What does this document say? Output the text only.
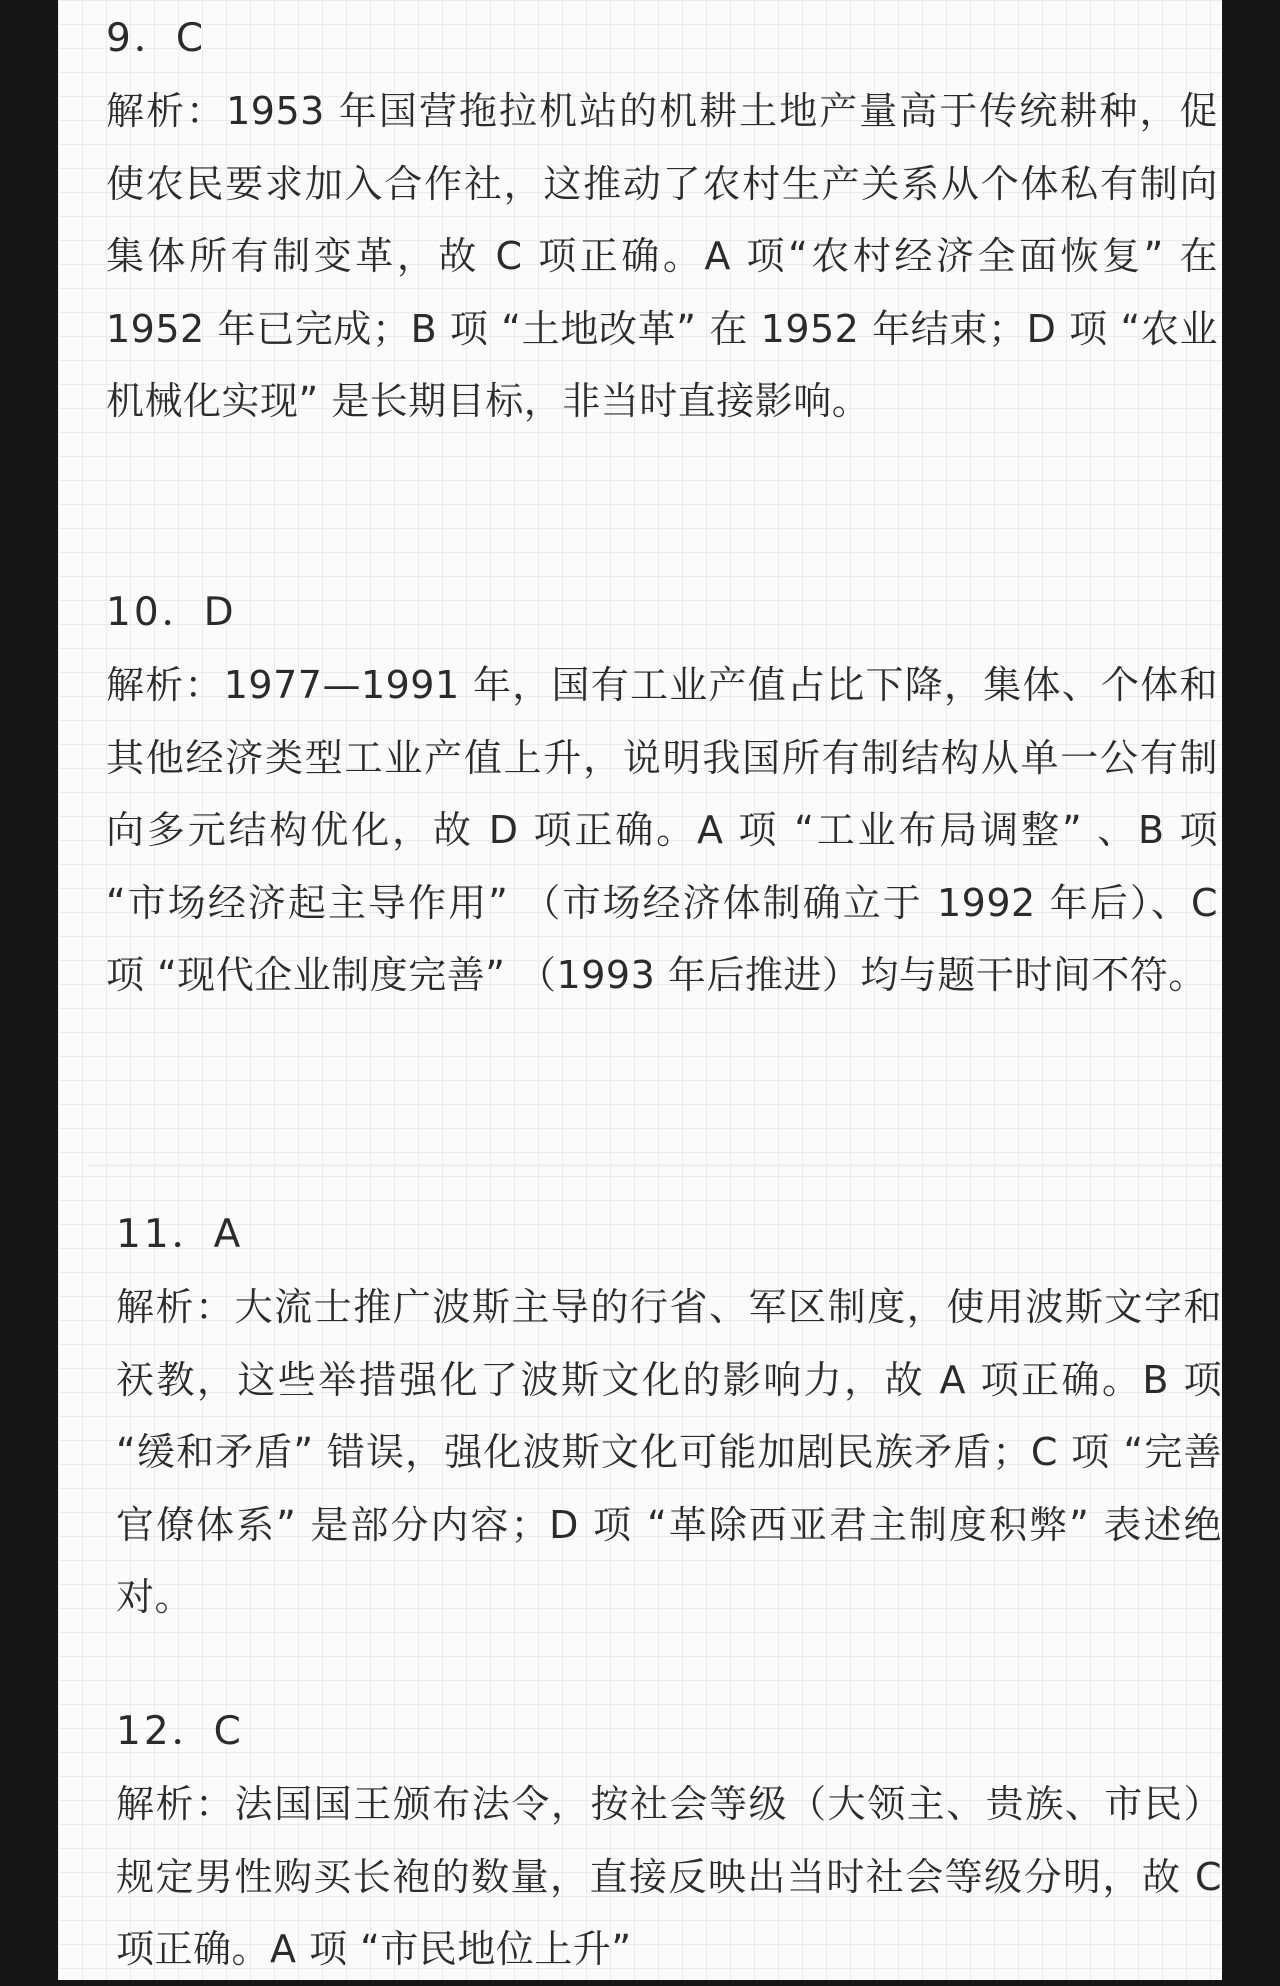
9．C
解析：1953 年国营拖拉机站的机耕土地产量高于传统耕种，促使农民要求加入合作社，这推动了农村生产关系从个体私有制向集体所有制变革，故 C 项正确。A 项“农村经济全面恢复” 在 1952 年已完成；B 项 “土地改革” 在 1952 年结束；D 项 “农业机械化实现” 是长期目标，非当时直接影响。
10．D
解析：1977—1991 年，国有工业产值占比下降，集体、个体和其他经济类型工业产值上升，说明我国所有制结构从单一公有制向多元结构优化，故 D 项正确。A 项 “工业布局调整” 、B 项 “市场经济起主导作用” （市场经济体制确立于 1992 年后）、C 项 “现代企业制度完善” （1993 年后推进）均与题干时间不符。
11．A
解析：大流士推广波斯主导的行省、军区制度，使用波斯文字和祆教，这些举措强化了波斯文化的影响力，故 A 项正确。B 项 “缓和矛盾” 错误，强化波斯文化可能加剧民族矛盾；C 项 “完善官僚体系” 是部分内容；D 项 “革除西亚君主制度积弊” 表述绝对。
12．C
解析：法国国王颁布法令，按社会等级（大领主、贵族、市民）规定男性购买长袍的数量，直接反映出当时社会等级分明，故 C 项正确。A 项 “市民地位上升”
